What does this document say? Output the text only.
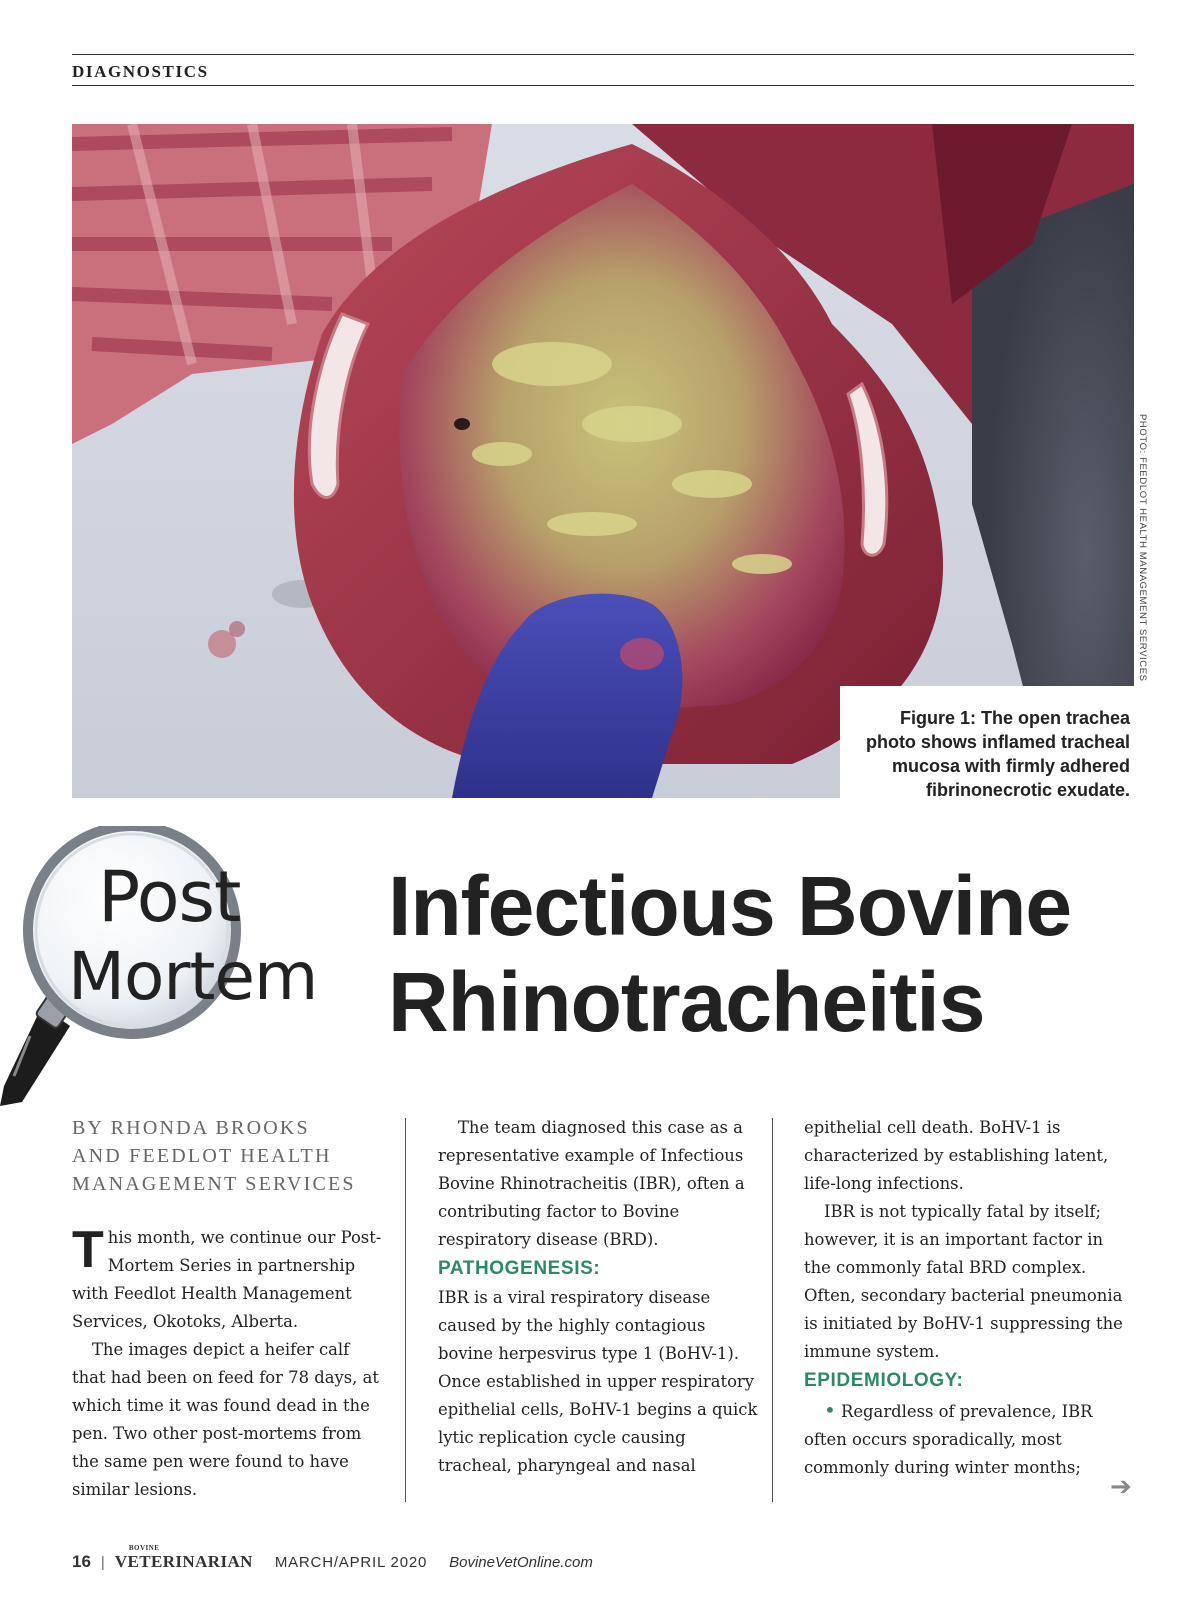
DIAGNOSTICS
PHOTO: FEEDLOT HEALTH MANAGEMENT SERVICES
Figure 1: The open trachea photo shows inflamed tracheal mucosa with firmly adhered fibrinonecrotic exudate.
Post
Mortem
Infectious Bovine
Rhinotracheitis
BY RHONDA BROOKS
AND FEEDLOT HEALTH
MANAGEMENT SERVICES

This month, we continue our Post-Mortem Series in partnership with Feedlot Health Management Services, Okotoks, Alberta.

The images depict a heifer calf that had been on feed for 78 days, at which time it was found dead in the pen. Two other post-mortems from the same pen were found to have similar lesions.

The team diagnosed this case as a representative example of Infectious Bovine Rhinotracheitis (IBR), often a contributing factor to Bovine respiratory disease (BRD).

PATHOGENESIS:

IBR is a viral respiratory disease caused by the highly contagious bovine herpesvirus type 1 (BoHV-1). Once established in upper respiratory epithelial cells, BoHV-1 begins a quick lytic replication cycle causing tracheal, pharyngeal and nasal

epithelial cell death. BoHV-1 is characterized by establishing latent, life-long infections.

IBR is not typically fatal by itself; however, it is an important factor in the commonly fatal BRD complex. Often, secondary bacterial pneumonia is initiated by BoHV-1 suppressing the immune system.

EPIDEMIOLOGY:

• Regardless of prevalence, IBR often occurs sporadically, most commonly during winter months;

➔
16 |
BOVINE
VETERINARIAN MARCH/APRIL 2020 BovineVetOnline.com
